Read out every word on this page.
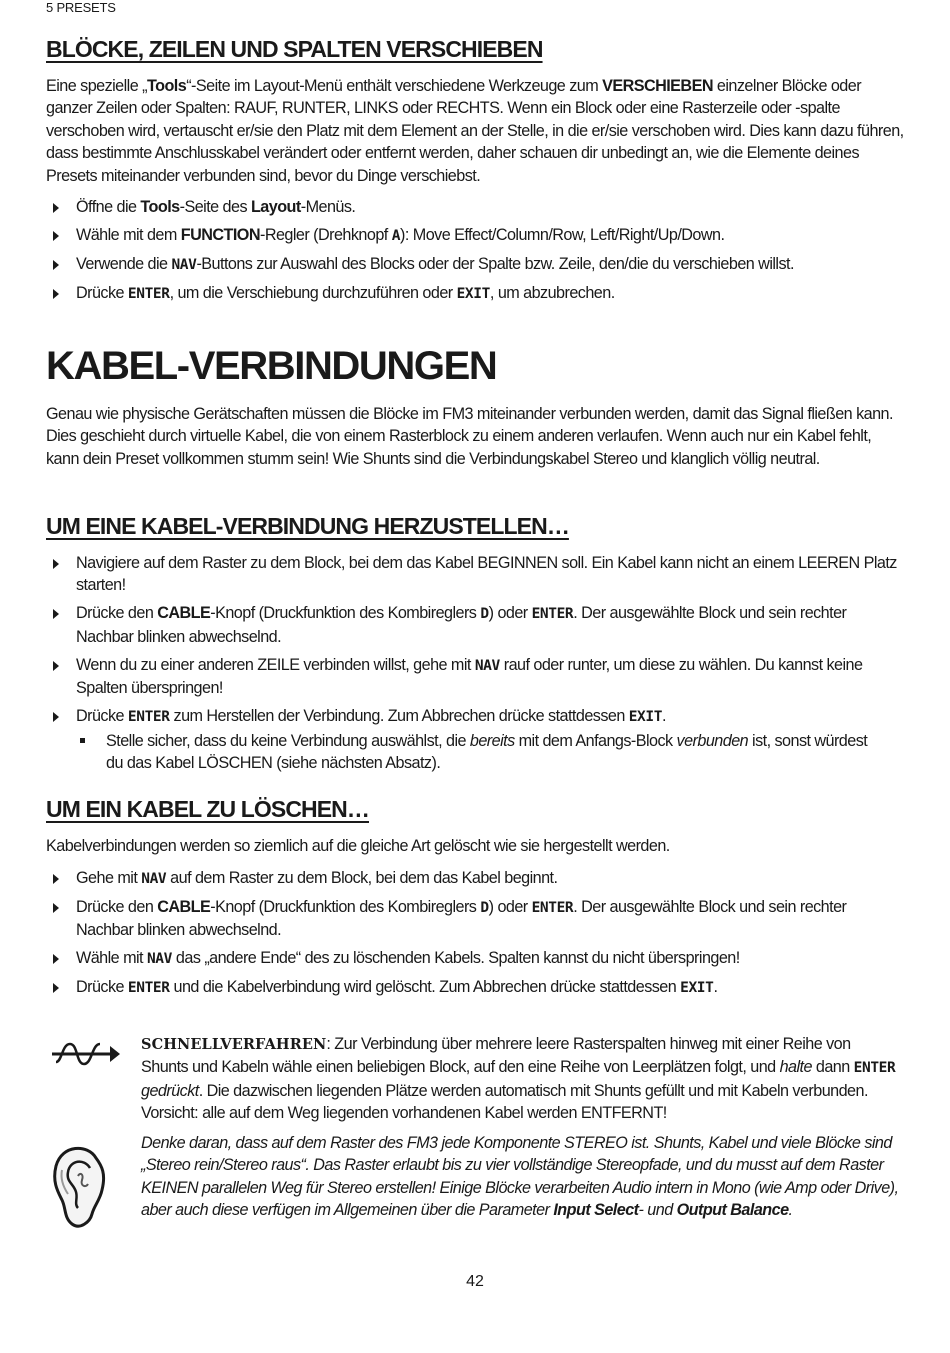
5 PRESETS
BLÖCKE, ZEILEN UND SPALTEN VERSCHIEBEN

Eine spezielle „Tools“-Seite im Layout-Menü enthält verschiedene Werkzeuge zum VERSCHIEBEN einzelner Blöcke oder ganzer Zeilen oder Spalten: RAUF, RUNTER, LINKS oder RECHTS. Wenn ein Block oder eine Rasterzeile oder -spalte verschoben wird, vertauscht er/sie den Platz mit dem Element an der Stelle, in die er/sie verschoben wird. Dies kann dazu führen, dass bestimmte Anschlusskabel verändert oder entfernt werden, daher schauen dir unbedingt an, wie die Elemente deines Presets miteinander verbunden sind, bevor du Dinge verschiebst.

Öffne die Tools-Seite des Layout-Menüs.
Wähle mit dem FUNCTION-Regler (Drehknopf A): Move Effect/Column/Row, Left/Right/Up/Down.
Verwende die NAV-Buttons zur Auswahl des Blocks oder der Spalte bzw. Zeile, den/die du verschieben willst.
Drücke ENTER, um die Verschiebung durchzuführen oder EXIT, um abzubrechen.
KABEL-VERBINDUNGEN

Genau wie physische Gerätschaften müssen die Blöcke im FM3 miteinander verbunden werden, damit das Signal fließen kann. Dies geschieht durch virtuelle Kabel, die von einem Rasterblock zu einem anderen verlaufen. Wenn auch nur ein Kabel fehlt, kann dein Preset vollkommen stumm sein! Wie Shunts sind die Verbindungskabel Stereo und klanglich völlig neutral.

UM EINE KABEL-VERBINDUNG HERZUSTELLEN…
Navigiere auf dem Raster zu dem Block, bei dem das Kabel BEGINNEN soll. Ein Kabel kann nicht an einem LEEREN Platz starten!
Drücke den CABLE-Knopf (Druckfunktion des Kombireglers D) oder ENTER. Der ausgewählte Block und sein rechter Nachbar blinken abwechselnd.
Wenn du zu einer anderen ZEILE verbinden willst, gehe mit NAV rauf oder runter, um diese zu wählen. Du kannst keine Spalten überspringen!
Drücke ENTER zum Herstellen der Verbindung. Zum Abbrechen drücke stattdessen EXIT.
Stelle sicher, dass du keine Verbindung auswählst, die bereits mit dem Anfangs-Block verbunden ist, sonst würdest du das Kabel LÖSCHEN (siehe nächsten Absatz).
UM EIN KABEL ZU LÖSCHEN…

Kabelverbindungen werden so ziemlich auf die gleiche Art gelöscht wie sie hergestellt werden.

Gehe mit NAV auf dem Raster zu dem Block, bei dem das Kabel beginnt.
Drücke den CABLE-Knopf (Druckfunktion des Kombireglers D) oder ENTER. Der ausgewählte Block und sein rechter Nachbar blinken abwechselnd.
Wähle mit NAV das „andere Ende“ des zu löschenden Kabels. Spalten kannst du nicht überspringen!
Drücke ENTER und die Kabelverbindung wird gelöscht. Zum Abbrechen drücke stattdessen EXIT.

SCHNELLVERFAHREN: Zur Verbindung über mehrere leere Rasterspalten hinweg mit einer Reihe von Shunts und Kabeln wähle einen beliebigen Block, auf den eine Reihe von Leerplätzen folgt, und halte dann ENTER gedrückt. Die dazwischen liegenden Plätze werden automatisch mit Shunts gefüllt und mit Kabeln verbunden. Vorsicht: alle auf dem Weg liegenden vorhandenen Kabel werden ENTFERNT!

Denke daran, dass auf dem Raster des FM3 jede Komponente STEREO ist. Shunts, Kabel und viele Blöcke sind „Stereo rein/Stereo raus“. Das Raster erlaubt bis zu vier vollständige Stereopfade, und du musst auf dem Raster KEINEN parallelen Weg für Stereo erstellen! Einige Blöcke verarbeiten Audio intern in Mono (wie Amp oder Drive), aber auch diese verfügen im Allgemeinen über die Parameter Input Select- und Output Balance.

42
